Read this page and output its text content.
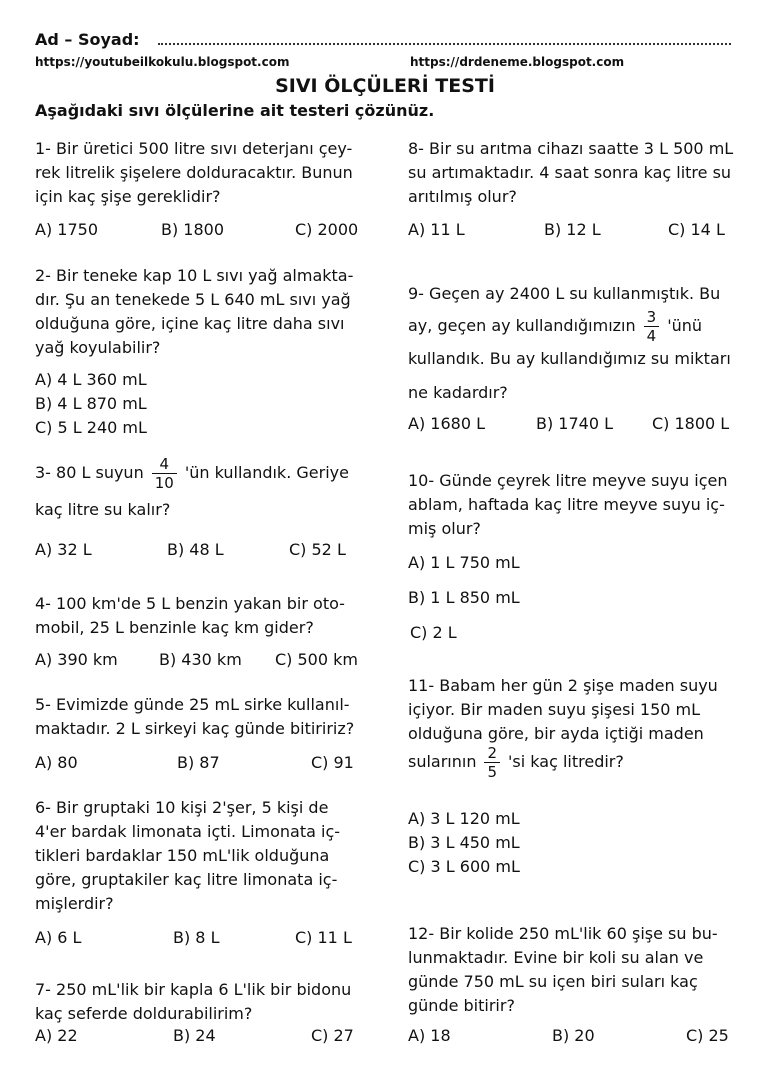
Ad – Soyad:
https://youtubeilkokulu.blogspot.com	https://drdeneme.blogspot.com
SIVI ÖLÇÜLERİ TESTİ
Aşağıdaki sıvı ölçülerine ait testeri çözünüz.

1- Bir üretici 500 litre sıvı deterjanı çey-

rek litrelik şişelere dolduracaktır. Bunun

için kaç şişe gereklidir?

A) 1750	B) 1800	C) 2000

2- Bir teneke kap 10 L sıvı yağ almakta-

dır. Şu an tenekede 5 L 640 mL sıvı yağ

olduğuna göre, içine kaç litre daha sıvı

yağ koyulabilir?

A) 4 L 360 mL
B) 4 L 870 mL
C) 5 L 240 mL

3- 80 L suyun $\frac{4}{10}$ 'ün kullandık. Geriye

kaç litre su kalır?

A) 32 L	B) 48 L	C) 52 L

4- 100 km'de 5 L benzin yakan bir oto-

mobil, 25 L benzinle kaç km gider?

A) 390 km	B) 430 km C) 500 km

5- Evimizde günde 25 mL sirke kullanıl-

maktadır. 2 L sirkeyi kaç günde bitiririz?

A) 80	B) 87	C) 91

6- Bir gruptaki 10 kişi 2'şer, 5 kişi de

4'er bardak limonata içti. Limonata iç-

tikleri bardaklar 150 mL'lik olduğuna

göre, gruptakiler kaç litre limonata iç-

mişlerdir?

A) 6 L	B) 8 L	C) 11 L

7- 250 mL'lik bir kapla 6 L'lik bir bidonu

kaç seferde doldurabilirim?

A) 22	B) 24	C) 27

8- Bir su arıtma cihazı saatte 3 L 500 mL

su artımaktadır. 4 saat sonra kaç litre su

arıtılmış olur?

A) 11 L	B) 12 L	C) 14 L

9- Geçen ay 2400 L su kullanmıştık. Bu

ay, geçen ay kullandığımızın $\frac{3}{4}$ 'ünü

kullandık. Bu ay kullandığımız su miktarı

ne kadardır?

A) 1680 L	B) 1740 L C) 1800 L

10- Günde çeyrek litre meyve suyu içen

ablam, haftada kaç litre meyve suyu iç-

miş olur?

A) 1 L 750 mL
B) 1 L 850 mL
C) 2 L

11- Babam her gün 2 şişe maden suyu

içiyor. Bir maden suyu şişesi 150 mL

olduğuna göre, bir ayda içtiği maden

sularının $\frac{2}{5}$ 'si kaç litredir?

A) 3 L 120 mL
B) 3 L 450 mL
C) 3 L 600 mL

12- Bir kolide 250 mL'lik 60 şişe su bu-

lunmaktadır. Evine bir koli su alan ve

günde 750 mL su içen biri suları kaç

günde bitirir?

A) 18	B) 20	C) 25
